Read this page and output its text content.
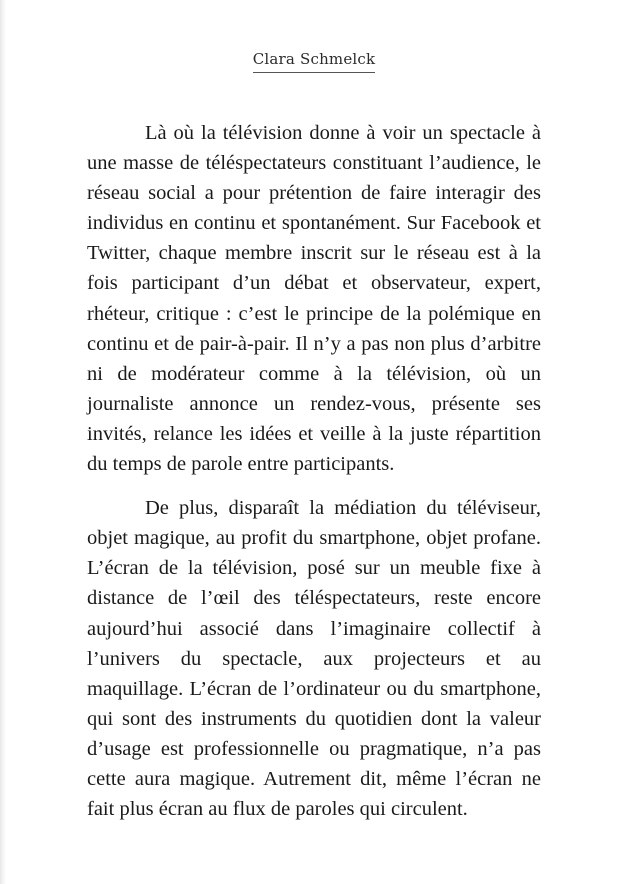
Clara Schmelck

Là où la télévision donne à voir un spectacle à une masse de téléspectateurs constituant l’audience, le réseau social a pour prétention de faire interagir des individus en continu et spontanément. Sur Facebook et Twitter, chaque membre inscrit sur le réseau est à la fois participant d’un débat et observateur, expert, rhéteur, critique : c’est le principe de la polémique en continu et de pair-à-pair. Il n’y a pas non plus d’arbitre ni de modérateur comme à la télévision, où un journaliste annonce un rendez-vous, présente ses invités, relance les idées et veille à la juste répartition du temps de parole entre participants.

De plus, disparaît la médiation du téléviseur, objet magique, au profit du smartphone, objet profane. L’écran de la télévision, posé sur un meuble fixe à distance de l’œil des téléspectateurs, reste encore aujourd’hui associé dans l’imaginaire collectif à l’univers du spectacle, aux projecteurs et au maquillage. L’écran de l’ordinateur ou du smartphone, qui sont des instruments du quotidien dont la valeur d’usage est professionnelle ou pragmatique, n’a pas cette aura magique. Autrement dit, même l’écran ne fait plus écran au flux de paroles qui circulent.
